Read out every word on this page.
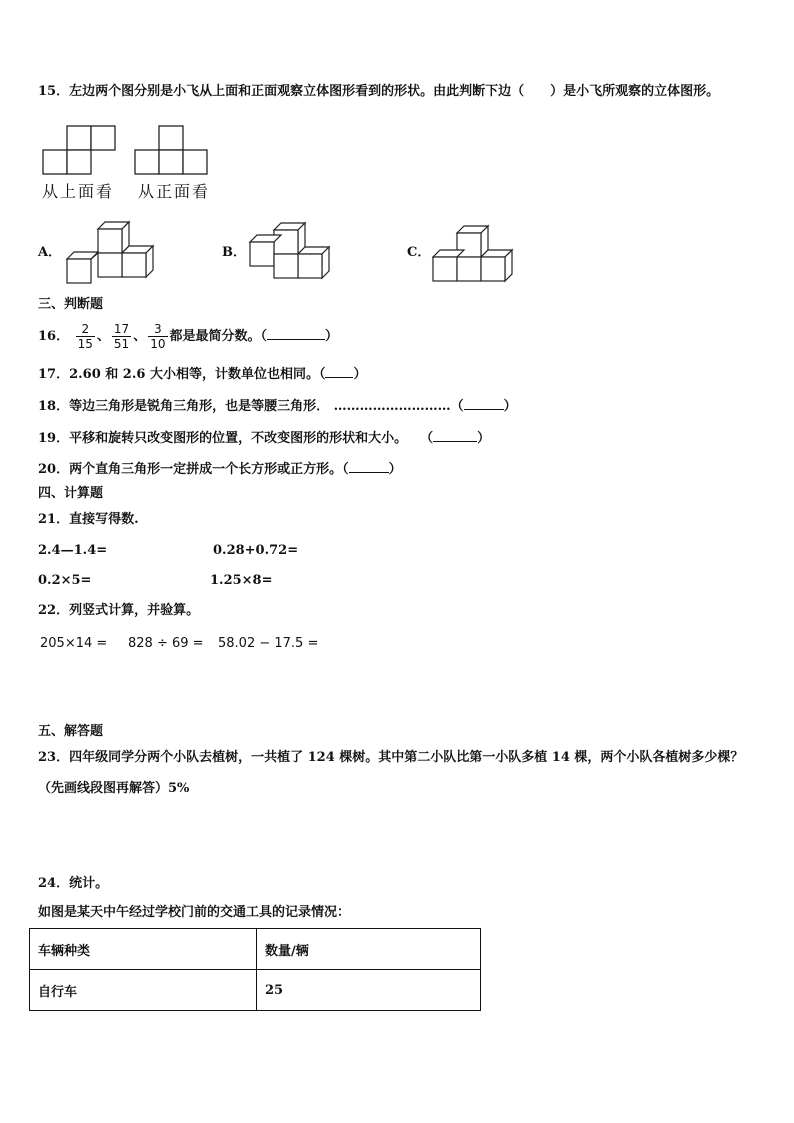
15．左边两个图分别是小飞从上面和正面观察立体图形看到的形状。由此判断下边（　　）是小飞所观察的立体图形。
从上面看 从正面看
A．	B．	C．
三、判断题
16． $\frac{2}{15}$ 、 $\frac{17}{51}$ 、 $\frac{3}{10}$ 都是最简分数。（	）
17．2.60 和 2.6 大小相等，计数单位也相同。（ ）
18．等边三角形是锐角三角形，也是等腰三角形． ………………………（	）
19．平移和旋转只改变图形的位置，不改变图形的形状和大小。　　（	）
20．两个直角三角形一定拼成一个长方形或正方形。（	）
四、计算题
21．直接写得数.
2.4—1.4=	0.28+0.72=
0.2×5=	1.25×8=
22．列竖式计算，并验算。
205×14 = 828 ÷ 69 = 58.02 − 17.5 =
五、解答题
23．四年级同学分两个小队去植树，一共植了 124 棵树。其中第二小队比第一小队多植 14 棵，两个小队各植树多少棵？
（先画线段图再解答）5%
24．统计。
如图是某天中午经过学校门前的交通工具的记录情况：
车辆种类	数量/辆
自行车	25
